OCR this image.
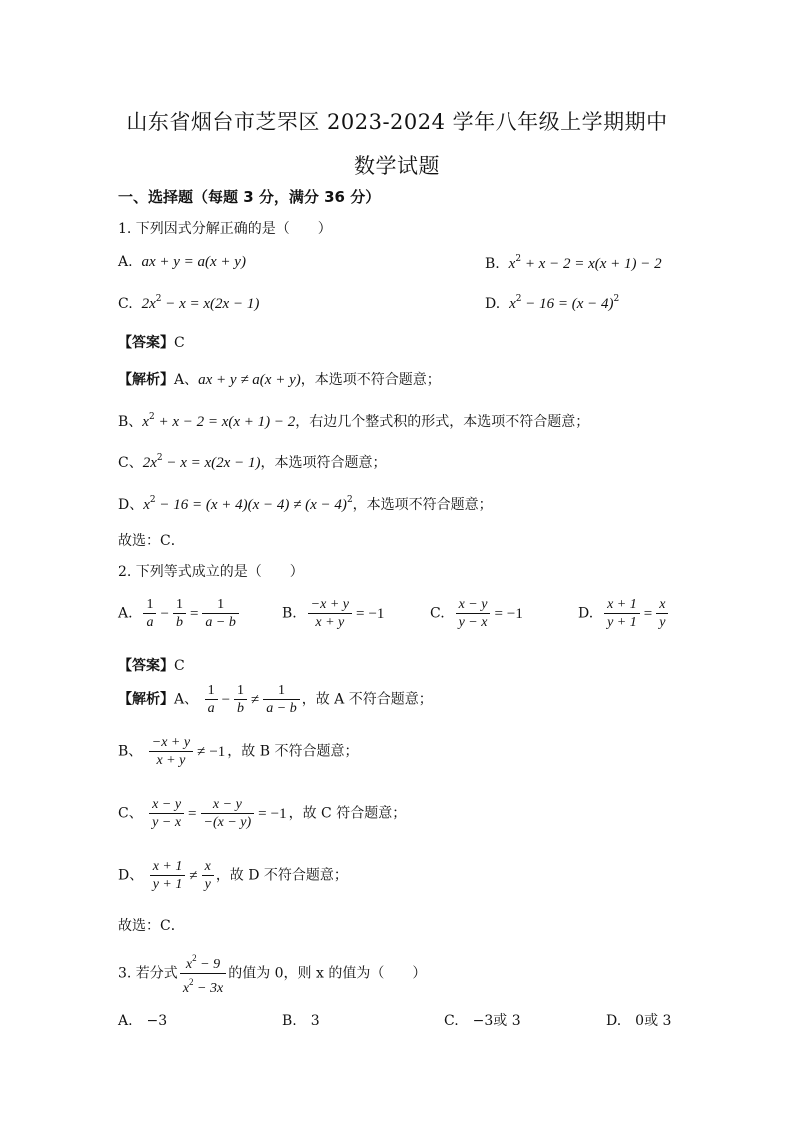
山东省烟台市芝罘区 2023-2024 学年八年级上学期期中
数学试题
一、选择题（每题 3 分，满分 36 分）
1. 下列因式分解正确的是（　　）
A. ax + y = a(x + y)	B. $x^2 + x - 2 = x(x + 1) - 2$
C. $2x^2 - x = x(2x - 1)$	D. $x^2 - 16 = (x - 4)^2$
【答案】C
【解析】A、ax + y ≠ a(x + y)，本选项不符合题意；
B、$x^2 + x - 2 = x(x + 1) - 2$，右边几个整式积的形式，本选项不符合题意；
C、$2x^2 - x = x(2x - 1)$，本选项符合题意；
D、$x^2 - 16 = (x + 4)(x - 4) \ne (x - 4)^2$，本选项不符合题意；
故选：C．
2. 下列等式成立的是（　　）
A. $\frac{1}{a} - \frac{1}{b} = \frac{1}{a - b}$	B. $\frac{-x + y}{x + y} = -1$	C. $\frac{x - y}{y - x} = -1$	D. $\frac{x + 1}{y + 1} = \frac{x}{y}$
【答案】C
【解析】A、 $\frac{1}{a} - \frac{1}{b} \ne \frac{1}{a - b}$ ，故 A 不符合题意；
B、 $\frac{-x + y}{x + y} \ne -1$ ，故 B 不符合题意；
C、 $\frac{x - y}{y - x} = \frac{x - y}{-(x - y)} = -1$ ，故 C 符合题意；
D、 $\frac{x + 1}{y + 1} \ne \frac{x}{y}$ ，故 D 不符合题意；
故选：C．
3. 若分式 $\frac{x^2 - 9}{x^2 - 3x}$ 的值为 0，则 x 的值为（　　）
A.　−3	B.　3	C.　−3或 3	D.　0或 3
